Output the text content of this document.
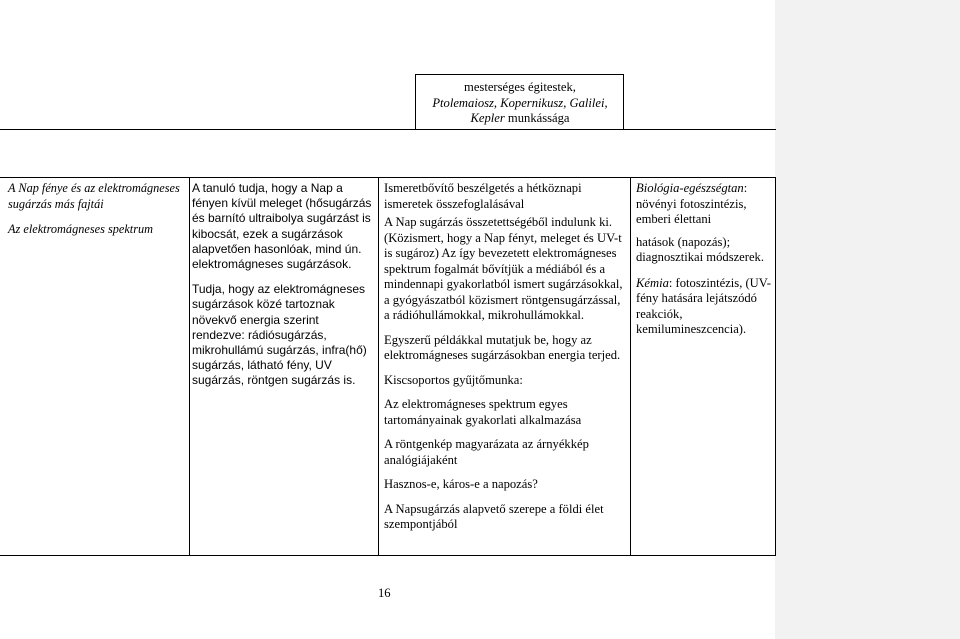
mesterséges égitestek,
Ptolemaiosz, Kopernikusz, Galilei,
Kepler munkássága

A Nap fénye és az elektromágneses sugárzás más fajtái

Az elektromágneses spektrum

A tanuló tudja, hogy a Nap a fényen kívül meleget (hősugárzás és barnító ultraibolya sugárzást is kibocsát, ezek a sugárzások alapvetően hasonlóak, mind ún. elektromágneses sugárzások.

Tudja, hogy az elektromágneses sugárzások közé tartoznak növekvő energia szerint rendezve: rádiósugárzás, mikrohullámú sugárzás, infra(hő) sugárzás, látható fény, UV sugárzás, röntgen sugárzás is.

Ismeretbővítő beszélgetés a hétköznapi ismeretek összefoglalásával

A Nap sugárzás összetettségéből indulunk ki. (Közismert, hogy a Nap fényt, meleget és UV-t is sugároz) Az így bevezetett elektromágneses spektrum fogalmát bővítjük a médiából és a mindennapi gyakorlatból ismert sugárzásokkal, a gyógyászatból közismert röntgensugárzással, a rádióhullámokkal, mikrohullámokkal.

Egyszerű példákkal mutatjuk be, hogy az elektromágneses sugárzásokban energia terjed.

Kiscsoportos gyűjtőmunka:

Az elektromágneses spektrum egyes tartományainak gyakorlati alkalmazása

A röntgenkép magyarázata az árnyékkép analógiájaként

Hasznos-e, káros-e a napozás?

A Napsugárzás alapvető szerepe a földi élet szempontjából

Biológia-egészségtan: növényi fotoszintézis, emberi élettani

hatások (napozás); diagnosztikai módszerek.

Kémia: fotoszintézis, (UV-fény hatására lejátszódó reakciók, kemilumineszcencia).

16
